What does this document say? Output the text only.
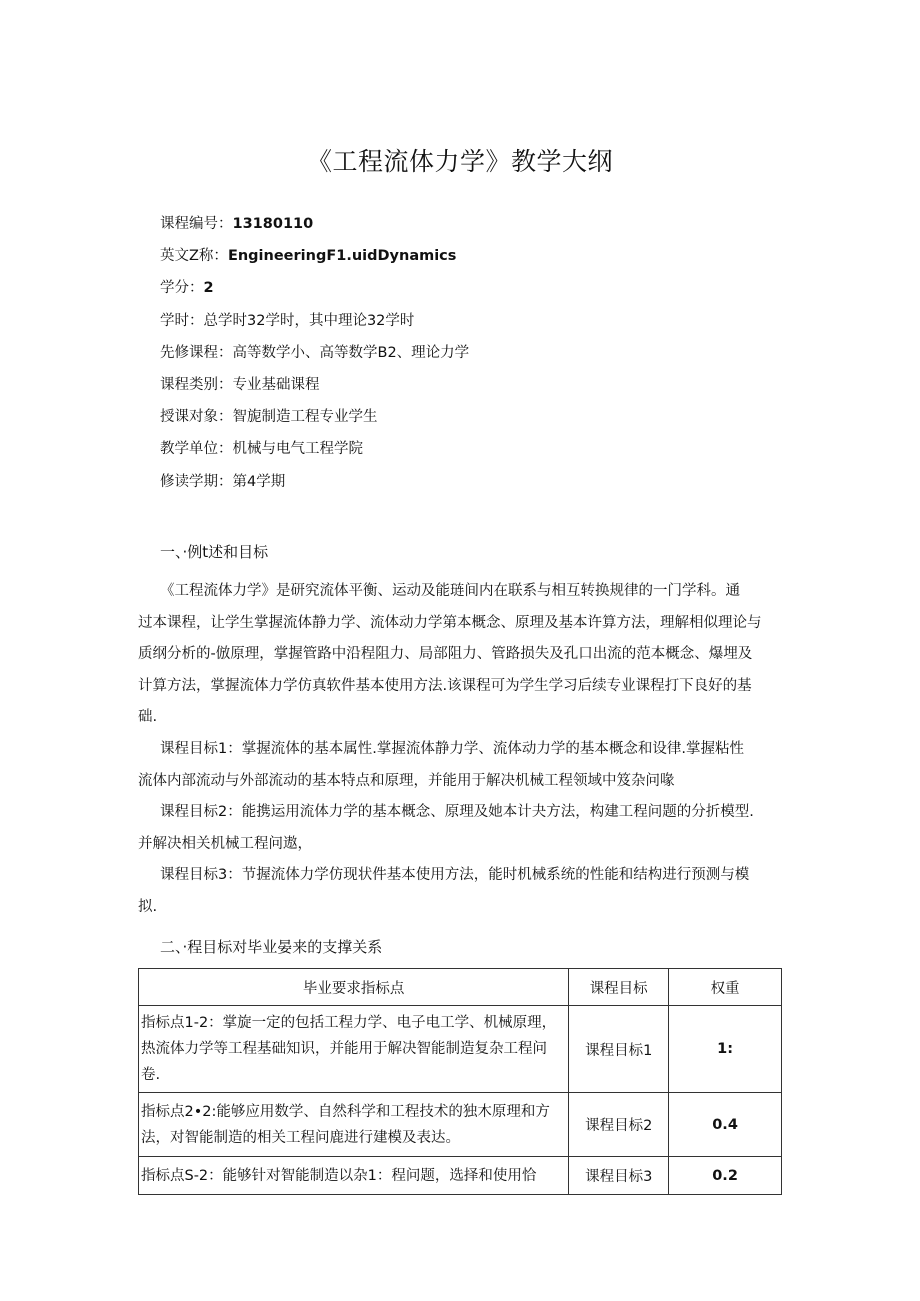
《工程流体力学》教学大纲
课程编号：13180110
英文Z称：EngineeringF1.uidDynamics
学分：2
学时：总学时32学时，其中理论32学时
先修课程：高等数学小、高等数学B2、理论力学
课程类别：专业基础课程
授课对象：智旎制造工程专业学生
教学单位：机械与电气工程学院
修读学期：第4学期
一、·例t述和目标
《工程流体力学》是研究流体平衡、运动及能琏间内在联系与相互转换规律的一门学科。通
过本课程，让学生掌握流体静力学、流体动力学第本概念、原理及基本许算方法，理解相似理论与
质纲分析的-倣原理，掌握管路中沿程阻力、局部阻力、管路损失及孔口出流的范本概念、爆埋及
计算方法，掌握流体力学仿真软件基本使用方法.该课程可为学生学习后续专业课程打下良好的基
础.
课程目标1：掌握流体的基本属性.掌握流体静力学、流体动力学的基本概念和设律.掌握粘性
流体内部流动与外部流动的基本特点和原理，并能用于解决机械工程领域中笈杂问喙
课程目标2：能携运用流体力学的基本概念、原理及她本计夬方法，构建工程问题的分折模型.
并解决相关机械工程问遨，
课程目标3：节握流体力学仿现状件基本使用方法，能时机械系统的性能和结构进行预测与模
拟.
二、·程目标对毕业晏来的支撑关系
毕业要求指标点	课程目标	权重

指标点1-2：掌旋一定的包括工程力学、电子电工学、机械原理，
热流体力学等工程基础知识，并能用于解决智能制造复杂工程问
卷.	课程目标1	1:

指标点2•2:能够应用数学、自然科学和工程技术的独木原理和方
法，对智能制造的相关工程问鹿进行建模及表达。	课程目标2	0.4

指标点S-2：能够针对智能制造以杂1：程问题，选择和使用恰	课程目标3	0.2
